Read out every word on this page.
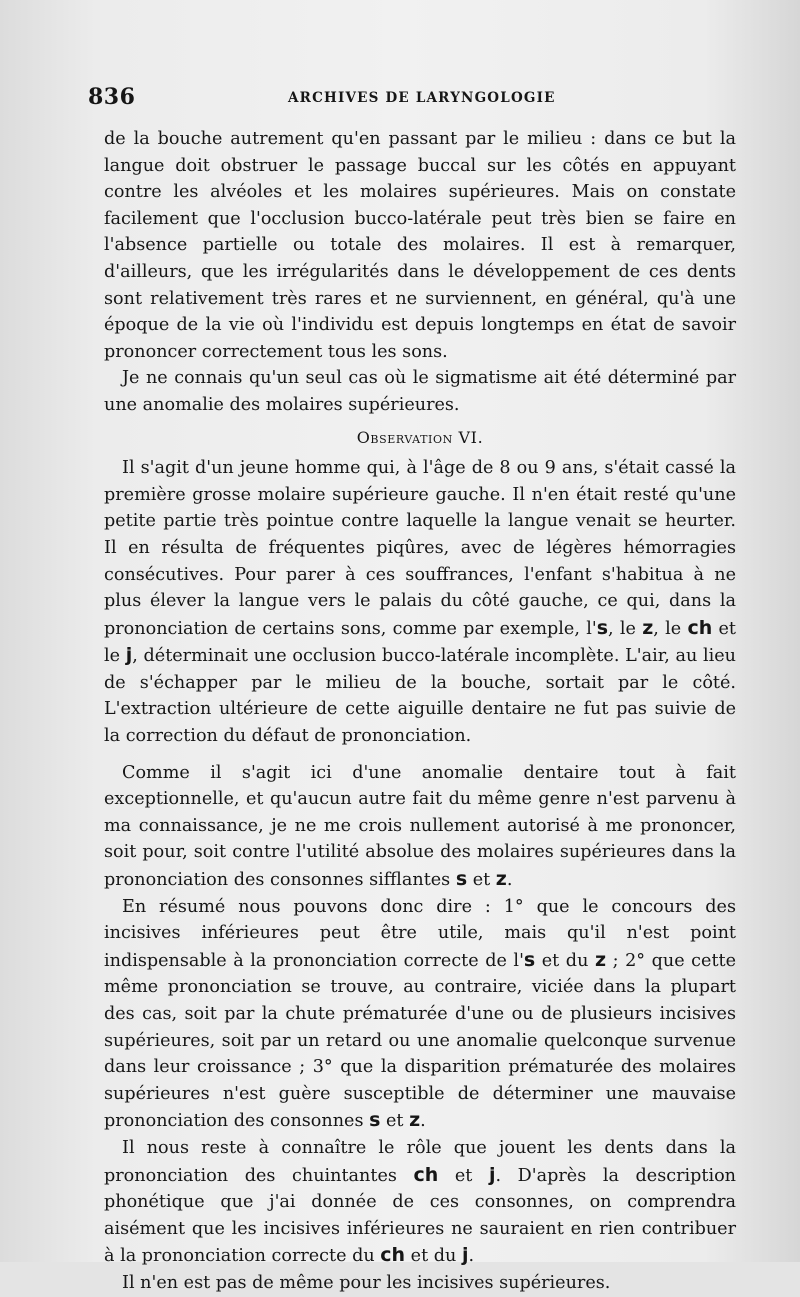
836	ARCHIVES DE LARYNGOLOGIE

de la bouche autrement qu'en passant par le milieu : dans ce but la langue doit obstruer le passage buccal sur les côtés en appuyant contre les alvéoles et les molaires supérieures. Mais on constate facilement que l'occlusion bucco-latérale peut très bien se faire en l'absence partielle ou totale des molaires. Il est à remarquer, d'ailleurs, que les irrégularités dans le développement de ces dents sont relativement très rares et ne surviennent, en général, qu'à une époque de la vie où l'individu est depuis longtemps en état de savoir prononcer correctement tous les sons.

Je ne connais qu'un seul cas où le sigmatisme ait été déterminé par une anomalie des molaires supérieures.

Observation VI.

Il s'agit d'un jeune homme qui, à l'âge de 8 ou 9 ans, s'était cassé la première grosse molaire supérieure gauche. Il n'en était resté qu'une petite partie très pointue contre laquelle la langue venait se heurter. Il en résulta de fréquentes piqûres, avec de légères hémorragies consécutives. Pour parer à ces souffrances, l'enfant s'habitua à ne plus élever la langue vers le palais du côté gauche, ce qui, dans la prononciation de certains sons, comme par exemple, l's, le z, le ch et le j, déterminait une occlusion bucco-latérale incomplète. L'air, au lieu de s'échapper par le milieu de la bouche, sortait par le côté. L'extraction ultérieure de cette aiguille dentaire ne fut pas suivie de la correction du défaut de prononciation.

Comme il s'agit ici d'une anomalie dentaire tout à fait exceptionnelle, et qu'aucun autre fait du même genre n'est parvenu à ma connaissance, je ne me crois nullement autorisé à me prononcer, soit pour, soit contre l'utilité absolue des molaires supérieures dans la prononciation des consonnes sifflantes s et z.

En résumé nous pouvons donc dire : 1° que le concours des incisives inférieures peut être utile, mais qu'il n'est point indispensable à la prononciation correcte de l's et du z ; 2° que cette même prononciation se trouve, au contraire, viciée dans la plupart des cas, soit par la chute prématurée d'une ou de plusieurs incisives supérieures, soit par un retard ou une anomalie quelconque survenue dans leur croissance ; 3° que la disparition prématurée des molaires supérieures n'est guère susceptible de déterminer une mauvaise prononciation des consonnes s et z.

Il nous reste à connaître le rôle que jouent les dents dans la prononciation des chuintantes ch et j. D'après la description phonétique que j'ai donnée de ces consonnes, on comprendra aisément que les incisives inférieures ne sauraient en rien contribuer à la prononciation correcte du ch et du j.

Il n'en est pas de même pour les incisives supérieures.
